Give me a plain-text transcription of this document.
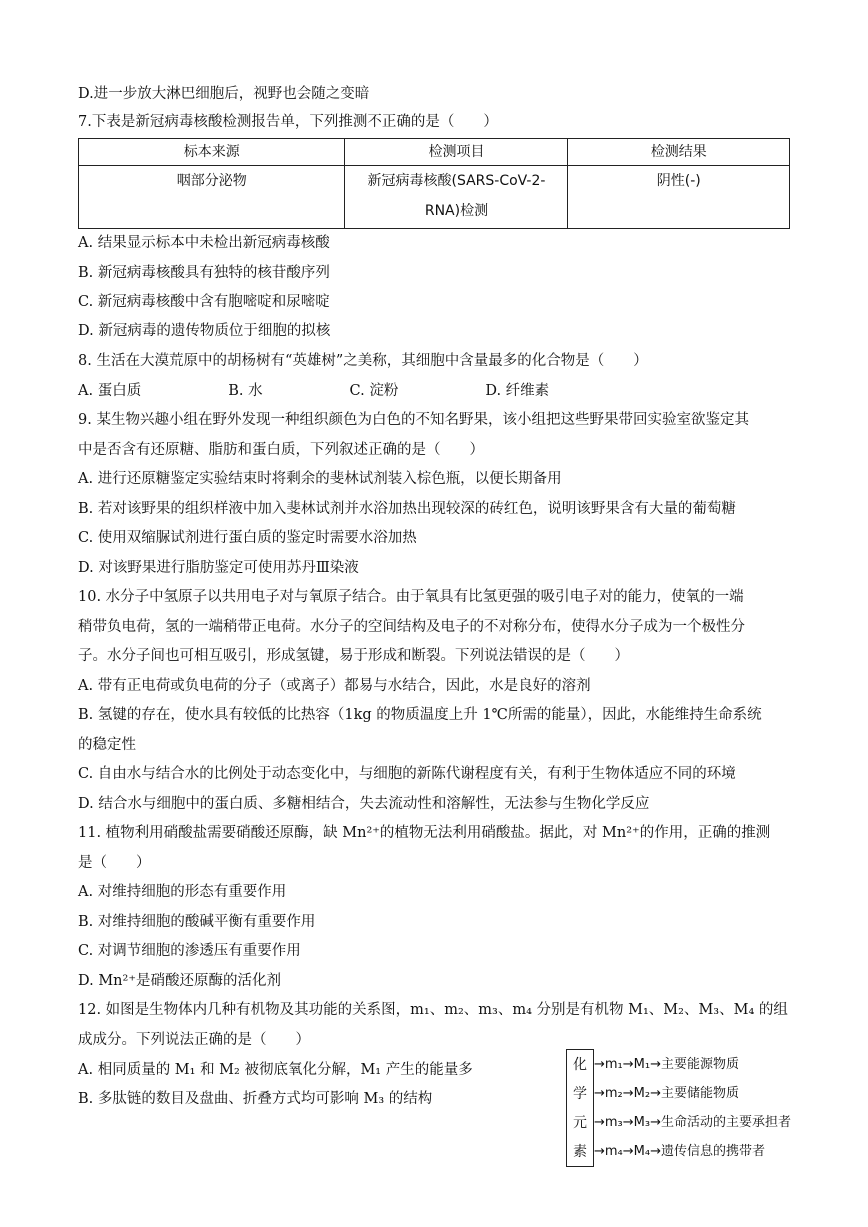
D.进一步放大淋巴细胞后，视野也会随之变暗
7.下表是新冠病毒核酸检测报告单，下列推测不正确的是（　　）
标本来源	检测项目	检测结果
咽部分泌物	新冠病毒核酸(SARS-CoV-2-RNA)检测	阴性(-)
A. 结果显示标本中未检出新冠病毒核酸
B. 新冠病毒核酸具有独特的核苷酸序列
C. 新冠病毒核酸中含有胞嘧啶和尿嘧啶
D. 新冠病毒的遗传物质位于细胞的拟核
8. 生活在大漠荒原中的胡杨树有“英雄树”之美称，其细胞中含量最多的化合物是（　　）
A. 蛋白质　　　　　　B. 水　　　　　　C. 淀粉　　　　　　D. 纤维素
9. 某生物兴趣小组在野外发现一种组织颜色为白色的不知名野果，该小组把这些野果带回实验室欲鉴定其
中是否含有还原糖、脂肪和蛋白质，下列叙述正确的是（　　）
A. 进行还原糖鉴定实验结束时将剩余的斐林试剂装入棕色瓶，以便长期备用
B. 若对该野果的组织样液中加入斐林试剂并水浴加热出现较深的砖红色，说明该野果含有大量的葡萄糖
C. 使用双缩脲试剂进行蛋白质的鉴定时需要水浴加热
D. 对该野果进行脂肪鉴定可使用苏丹Ⅲ染液
10. 水分子中氢原子以共用电子对与氧原子结合。由于氧具有比氢更强的吸引电子对的能力，使氧的一端
稍带负电荷，氢的一端稍带正电荷。水分子的空间结构及电子的不对称分布，使得水分子成为一个极性分
子。水分子间也可相互吸引，形成氢键，易于形成和断裂。下列说法错误的是（　　）
A. 带有正电荷或负电荷的分子（或离子）都易与水结合，因此，水是良好的溶剂
B. 氢键的存在，使水具有较低的比热容（1kg 的物质温度上升 1℃所需的能量），因此，水能维持生命系统
的稳定性
C. 自由水与结合水的比例处于动态变化中，与细胞的新陈代谢程度有关，有利于生物体适应不同的环境
D. 结合水与细胞中的蛋白质、多糖相结合，失去流动性和溶解性，无法参与生物化学反应
11. 植物利用硝酸盐需要硝酸还原酶，缺 Mn²⁺的植物无法利用硝酸盐。据此，对 Mn²⁺的作用，正确的推测
是（　　）
A. 对维持细胞的形态有重要作用
B. 对维持细胞的酸碱平衡有重要作用
C. 对调节细胞的渗透压有重要作用
D. Mn²⁺是硝酸还原酶的活化剂
12. 如图是生物体内几种有机物及其功能的关系图，m₁、m₂、m₃、m₄ 分别是有机物 M₁、M₂、M₃、M₄ 的组
成成分。下列说法正确的是（　　）
A. 相同质量的 M₁ 和 M₂ 被彻底氧化分解，M₁ 产生的能量多
B. 多肽链的数目及盘曲、折叠方式均可影响 M₃ 的结构
化
学
元
素
→m₁→M₁→主要能源物质
→m₂→M₂→主要储能物质
→m₃→M₃→生命活动的主要承担者
→m₄→M₄→遗传信息的携带者
